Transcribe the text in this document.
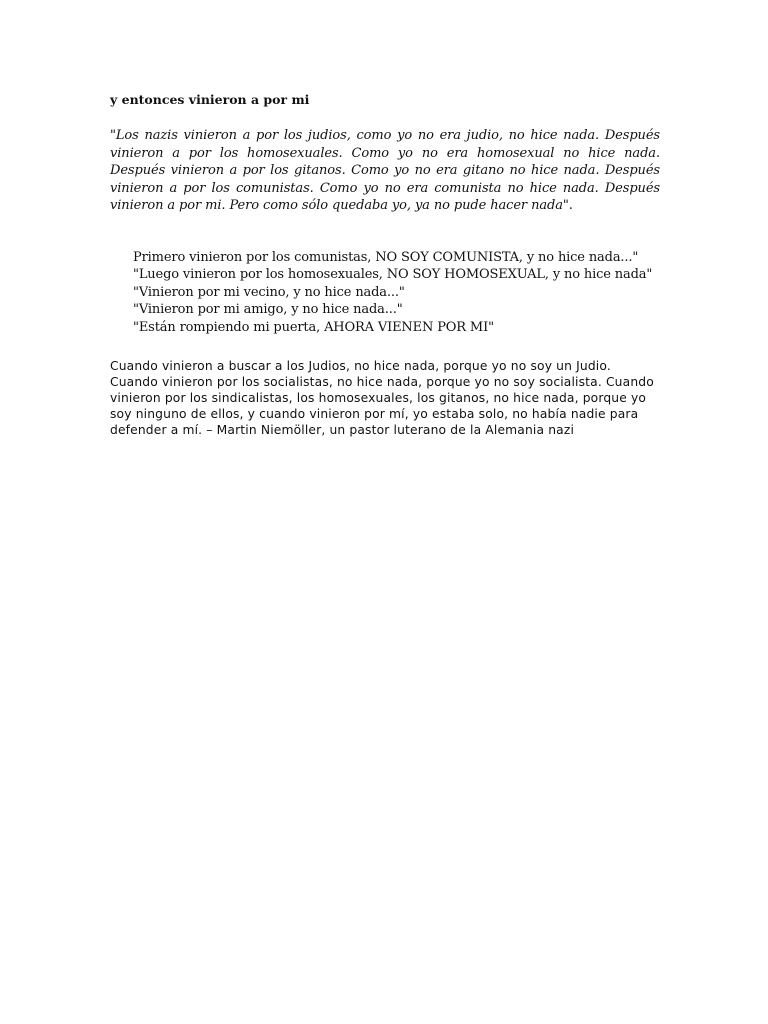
y entonces vinieron a por mi

"Los nazis vinieron a por los judios, como yo no era judio, no hice nada. Después vinieron a por los homosexuales. Como yo no era homosexual no hice nada. Después vinieron a por los gitanos. Como yo no era gitano no hice nada. Después vinieron a por los comunistas. Como yo no era comunista no hice nada. Después vinieron a por mi. Pero como sólo quedaba yo, ya no pude hacer nada".

Primero vinieron por los comunistas, NO SOY COMUNISTA, y no hice nada..."
"Luego vinieron por los homosexuales, NO SOY HOMOSEXUAL, y no hice nada"
"Vinieron por mi vecino, y no hice nada..."
"Vinieron por mi amigo, y no hice nada..."
"Están rompiendo mi puerta, AHORA VIENEN POR MI"

Cuando vinieron a buscar a los Judios, no hice nada, porque yo no soy un Judio. Cuando vinieron por los socialistas, no hice nada, porque yo no soy socialista. Cuando vinieron por los sindicalistas, los homosexuales, los gitanos, no hice nada, porque yo soy ninguno de ellos, y cuando vinieron por mí, yo estaba solo, no había nadie para defender a mí. – Martin Niemöller, un pastor luterano de la Alemania nazi
